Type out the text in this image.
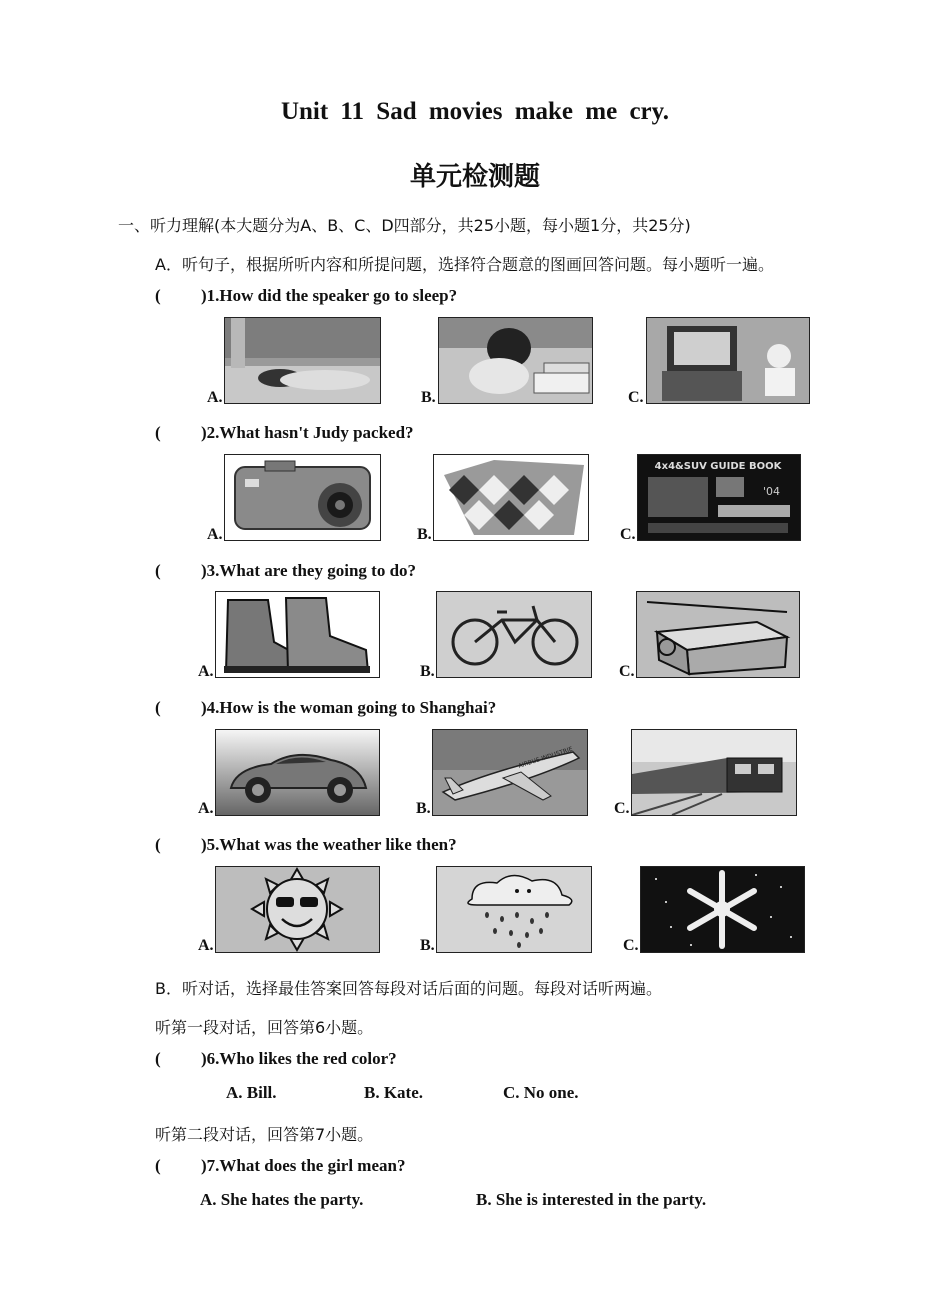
Unit 11 Sad movies make me cry.
单元检测题
一、听力理解(本大题分为A、B、C、D四部分，共25小题，每小题1分，共25分)
A．听句子，根据所听内容和所提问题，选择符合题意的图画回答问题。每小题听一遍。
( )1.How did the speaker go to sleep?
A.	B.	C.
( )2.What hasn't Judy packed?
A.	B.	C.
4x4&SUV GUIDE BOOK
'04
( )3.What are they going to do?
A.	B.	C.
( )4.How is the woman going to Shanghai?
A.	B.
AIRBUS INDUSTRIE
C.
( )5.What was the weather like then?
A.	B.	C.
B．听对话，选择最佳答案回答每段对话后面的问题。每段对话听两遍。
听第一段对话，回答第6小题。
( )6.Who likes the red color?
A. Bill.	B. Kate.	C. No one.
听第二段对话，回答第7小题。
( )7.What does the girl mean?
A. She hates the party.	B. She is interested in the party.
